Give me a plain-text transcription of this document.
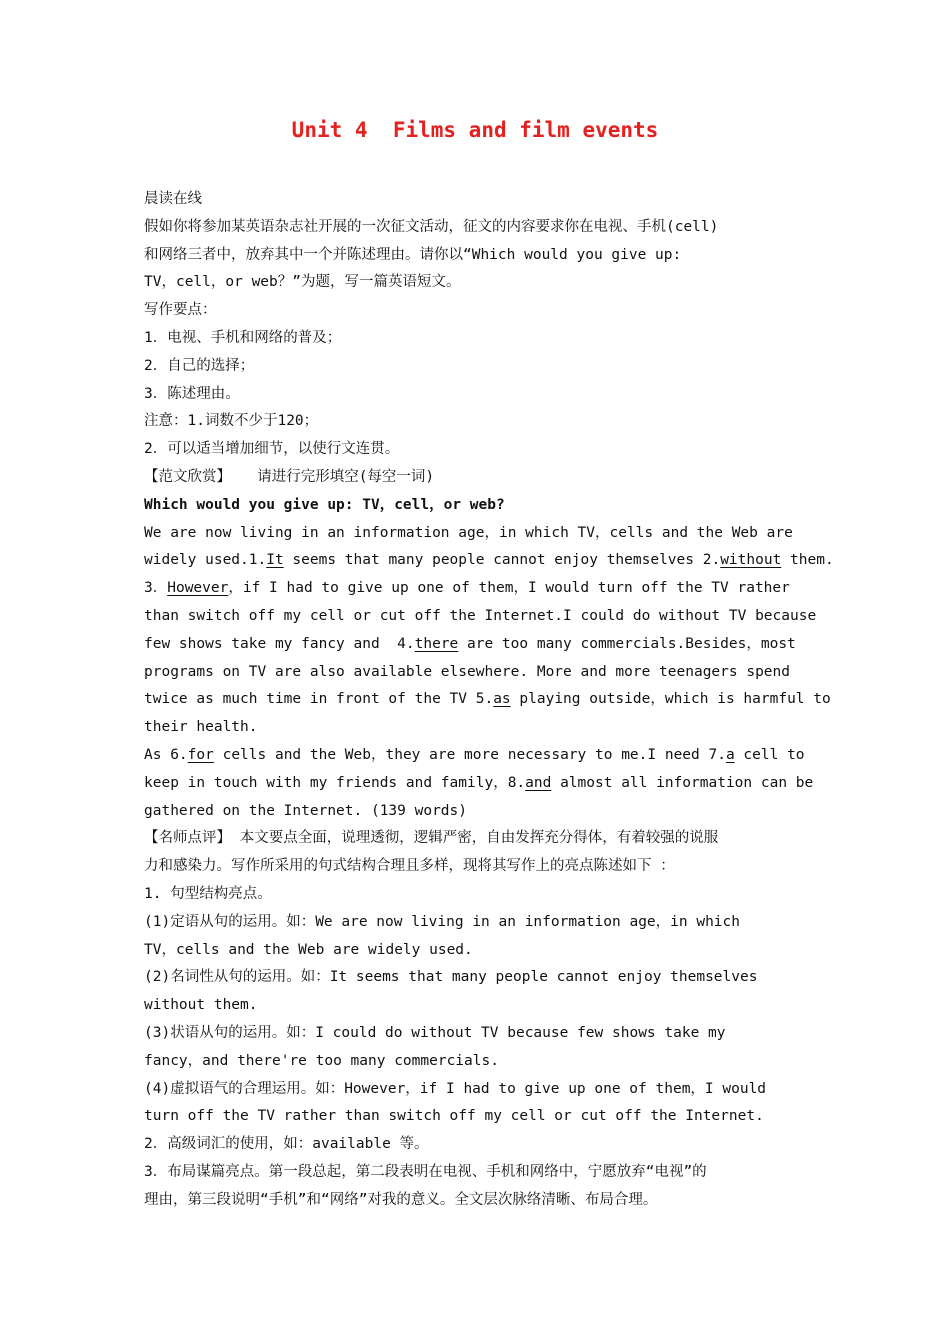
Unit 4  Films and film events
晨读在线
假如你将参加某英语杂志社开展的一次征文活动，征文的内容要求你在电视、手机(cell)
和网络三者中，放弃其中一个并陈述理由。请你以“Which would you give up:
TV，cell，or web？”为题，写一篇英语短文。
写作要点：
1．电视、手机和网络的普及；
2．自己的选择；
3．陈述理由。
注意：1.词数不少于120；
2．可以适当增加细节，以使行文连贯。
【范文欣赏】   请进行完形填空(每空一词)
Which would you give up: TV，cell，or web?
We are now living in an information age，in which TV，cells and the Web are
widely used.1.It seems that many people cannot enjoy themselves 2.without them.
3．However，if I had to give up one of them，I would turn off the TV rather
than switch off my cell or cut off the Internet.I could do without TV because
few shows take my fancy and  4.there are too many commercials.Besides，most
programs on TV are also available elsewhere. More and more teenagers spend
twice as much time in front of the TV 5.as playing outside，which is harmful to
their health.
As 6.for cells and the Web，they are more necessary to me.I need 7.a cell to
keep in touch with my friends and family，8.and almost all information can be
gathered on the Internet. (139 words)
【名师点评】 本文要点全面，说理透彻，逻辑严密，自由发挥充分得体，有着较强的说服
力和感染力。写作所采用的句式结构合理且多样，现将其写作上的亮点陈述如下 ：
1. 句型结构亮点。
(1)定语从句的运用。如：We are now living in an information age，in which
TV，cells and the Web are widely used.
(2)名词性从句的运用。如：It seems that many people cannot enjoy themselves
without them.
(3)状语从句的运用。如：I could do without TV because few shows take my
fancy，and there're too many commercials.
(4)虚拟语气的合理运用。如：However，if I had to give up one of them，I would
turn off the TV rather than switch off my cell or cut off the Internet.
2．高级词汇的使用，如：available 等。
3．布局谋篇亮点。第一段总起，第二段表明在电视、手机和网络中，宁愿放弃“电视”的
理由，第三段说明“手机”和“网络”对我的意义。全文层次脉络清晰、布局合理。
